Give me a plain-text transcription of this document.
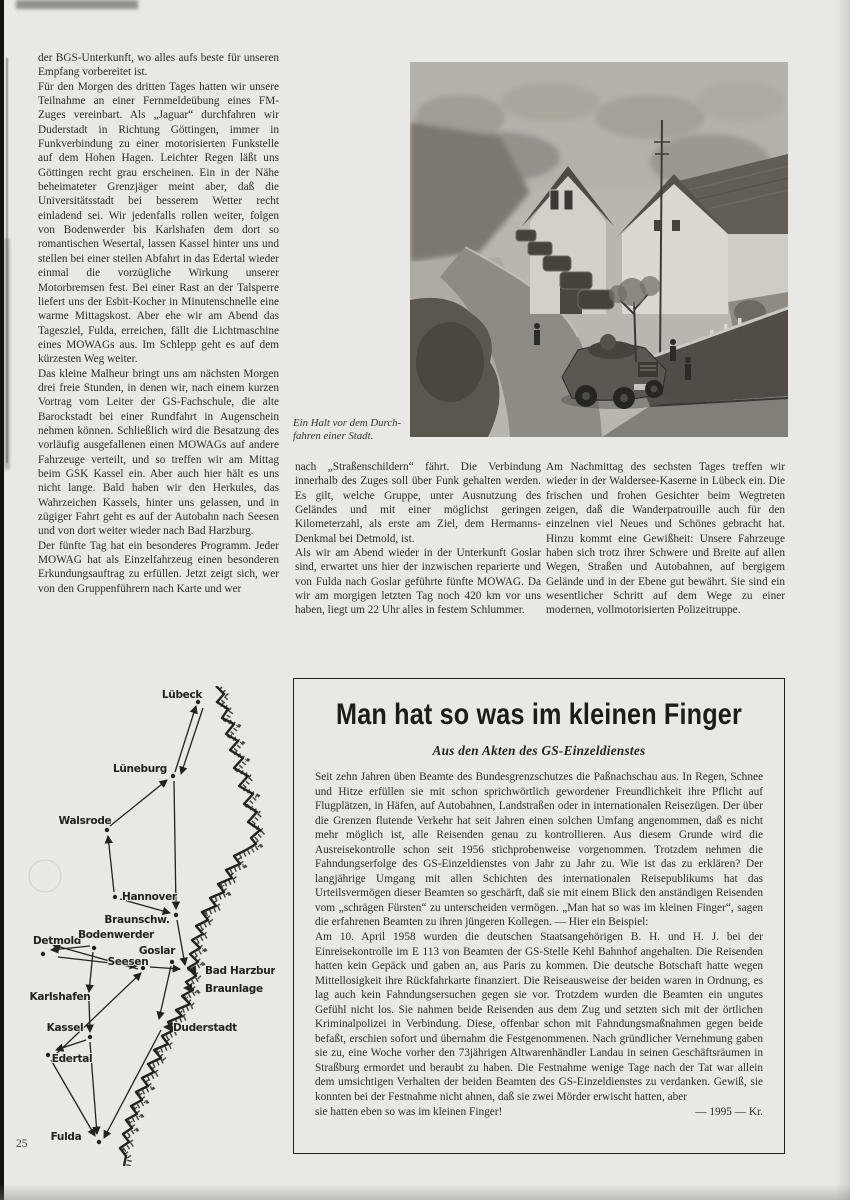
der BGS-Unterkunft, wo alles aufs beste für unseren Empfang vorbereitet ist.

Für den Morgen des dritten Tages hatten wir unsere Teilnahme an einer Fernmeldeübung eines FM-Zuges vereinbart. Als „Jaguar“ durchfahren wir Duderstadt in Richtung Göttingen, immer in Funkverbindung zu einer motorisierten Funkstelle auf dem Hohen Hagen. Leichter Regen läßt uns Göttingen recht grau erscheinen. Ein in der Nähe beheimateter Grenzjäger meint aber, daß die Universitätsstadt bei besserem Wetter recht einladend sei. Wir jedenfalls rollen weiter, folgen von Bodenwerder bis Karlshafen dem dort so romantischen Wesertal, lassen Kassel hinter uns und stellen bei einer steilen Abfahrt in das Edertal wieder einmal die vorzügliche Wirkung unserer Motorbremsen fest. Bei einer Rast an der Talsperre liefert uns der Esbit-Kocher in Minutenschnelle eine warme Mittagskost. Aber ehe wir am Abend das Tagesziel, Fulda, erreichen, fällt die Lichtmaschine eines MOWAGs aus. Im Schlepp geht es auf dem kürzesten Weg weiter.

Das kleine Malheur bringt uns am nächsten Morgen drei freie Stunden, in denen wir, nach einem kurzen Vortrag vom Leiter der GS-Fachschule, die alte Barockstadt bei einer Rundfahrt in Augenschein nehmen können. Schließlich wird die Besatzung des vorläufig ausgefallenen einen MOWAGs auf andere Fahrzeuge verteilt, und so treffen wir am Mittag beim GSK Kassel ein. Aber auch hier hält es uns nicht lange. Bald haben wir den Herkules, das Wahrzeichen Kassels, hinter uns gelassen, und in zügiger Fahrt geht es auf der Autobahn nach Seesen und von dort weiter wieder nach Bad Harzburg.

Der fünfte Tag hat ein besonderes Programm. Jeder MOWAG hat als Einzelfahrzeug einen besonderen Erkundungsauftrag zu erfüllen. Jetzt zeigt sich, wer von den Gruppenführern nach Karte und wer

Ein Halt vor dem Durch-
fahren einer Stadt.

nach „Straßenschildern“ fährt. Die Verbindung innerhalb des Zuges soll über Funk gehalten werden. Es gilt, welche Gruppe, unter Ausnutzung des Geländes und mit einer möglichst geringen Kilometerzahl, als erste am Ziel, dem Hermanns-Denkmal bei Detmold, ist.

Als wir am Abend wieder in der Unterkunft Goslar sind, erwartet uns hier der inzwischen reparierte und von Fulda nach Goslar geführte fünfte MOWAG. Da wir am morgigen letzten Tag noch 420 km vor uns haben, liegt um 22 Uhr alles in festem Schlummer.

Am Nachmittag des sechsten Tages treffen wir wieder in der Waldersee-Kaserne in Lübeck ein. Die frischen und frohen Gesichter beim Wegtreten zeigen, daß die Wanderpatrouille auch für den einzelnen viel Neues und Schönes gebracht hat. Hinzu kommt eine Gewißheit: Unsere Fahrzeuge haben sich trotz ihrer Schwere und Breite auf allen Wegen, Straßen und Autobahnen, auf bergigem Gelände und in der Ebene gut bewährt. Sie sind ein wesentlicher Schritt auf dem Wege zu einer modernen, vollmotorisierten Polizeitruppe.

Lübeck
Lüneburg
Walsrode
Hannover
Braunschw.
Detmold
Bodenwerder
Goslar
Seesen
Bad Harzburg
Braunlage
Karlshafen
Kassel	Duderstadt
Edertal
Fulda
Man hat so was im kleinen Finger
Aus den Akten des GS-Einzeldienstes

Seit zehn Jahren üben Beamte des Bundesgrenzschutzes die Paßnachschau aus. In Regen, Schnee und Hitze erfüllen sie mit schon sprichwörtlich gewordener Freundlichkeit ihre Pflicht auf Flugplätzen, in Häfen, auf Autobahnen, Landstraßen oder in internationalen Reisezügen. Der über die Grenzen flutende Verkehr hat seit Jahren einen solchen Umfang angenommen, daß es nicht mehr möglich ist, alle Reisenden genau zu kontrollieren. Aus diesem Grunde wird die Ausreisekontrolle schon seit 1956 stichprobenweise vorgenommen. Trotzdem nehmen die Fahndungserfolge des GS-Einzeldienstes von Jahr zu Jahr zu. Wie ist das zu erklären? Der langjährige Umgang mit allen Schichten des internationalen Reisepublikums hat das Urteilsvermögen dieser Beamten so geschärft, daß sie mit einem Blick den anständigen Reisenden vom „schrägen Fürsten“ zu unterscheiden vermögen. „Man hat so was im kleinen Finger“, sagen die erfahrenen Beamten zu ihren jüngeren Kollegen. — Hier ein Beispiel:

Am 10. April 1958 wurden die deutschen Staatsangehörigen B. H. und H. J. bei der Einreisekontrolle im E 113 von Beamten der GS-Stelle Kehl Bahnhof angehalten. Die Reisenden hatten kein Gepäck und gaben an, aus Paris zu kommen. Die deutsche Botschaft hatte wegen Mittellosigkeit ihre Rückfahrkarte finanziert. Die Reiseausweise der beiden waren in Ordnung, es lag auch kein Fahndungsersuchen gegen sie vor. Trotzdem wurden die Beamten ein ungutes Gefühl nicht los. Sie nahmen beide Reisenden aus dem Zug und setzten sich mit der örtlichen Kriminalpolizei in Verbindung. Diese, offenbar schon mit Fahndungsmaßnahmen gegen beide befaßt, erschien sofort und übernahm die Festgenommenen. Nach gründlicher Vernehmung gaben sie zu, eine Woche vorher den 73jährigen Altwarenhändler Landau in seinen Geschäftsräumen in Straßburg ermordet und beraubt zu haben. Die Festnahme wenige Tage nach der Tat war allein dem umsichtigen Verhalten der beiden Beamten des GS-Einzeldienstes zu verdanken. Gewiß, sie konnten bei der Festnahme nicht ahnen, daß sie zwei Mörder erwischt hatten, aber

sie hatten eben so was im kleinen Finger!	— 1995 — Kr.
25
